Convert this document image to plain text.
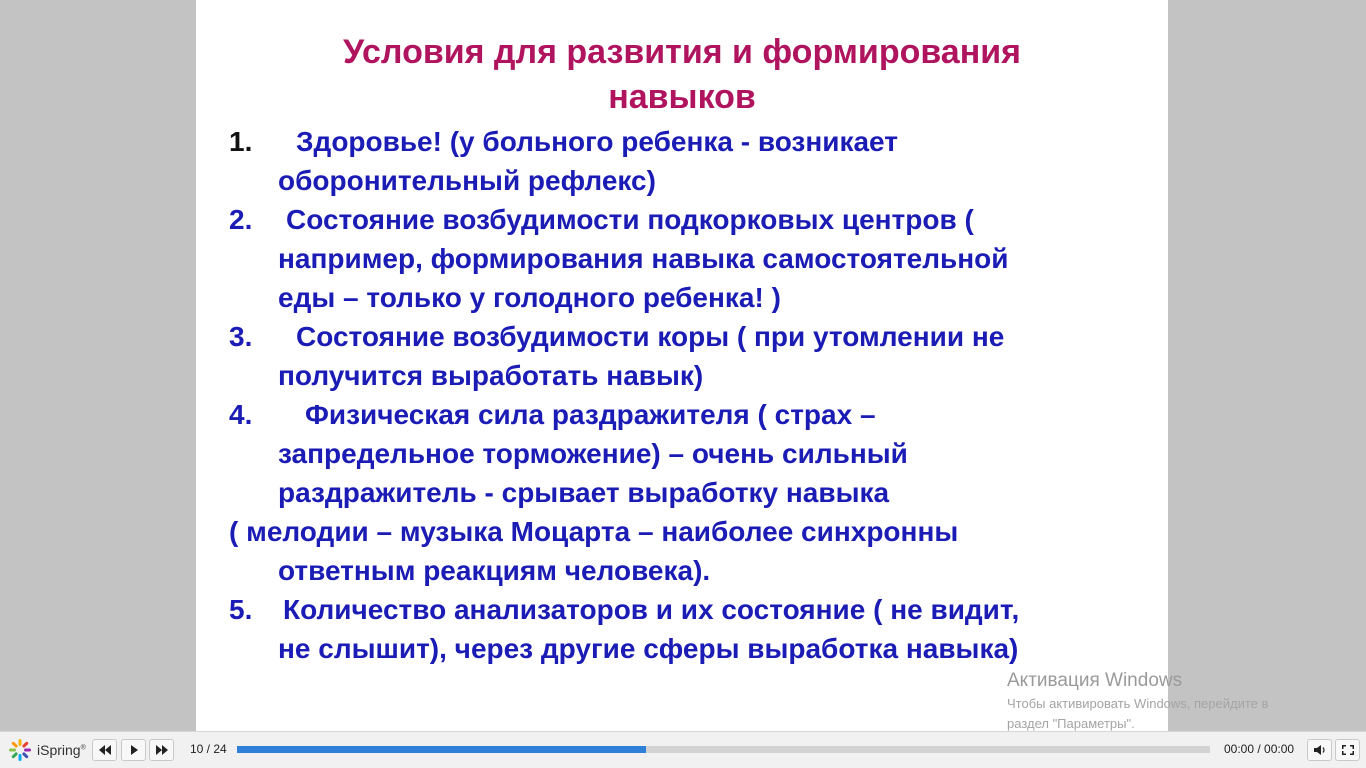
Условия для развития и формирования
навыков
1.	Здоровье! (у больного ребенка - возникает
оборонительный рефлекс)
2. Состояние возбудимости подкорковых центров (
например, формирования навыка самостоятельной
еды – только у голодного ребенка! )
3.	Состояние возбудимости коры ( при утомлении не
получится выработать навык)
4.	Физическая сила раздражителя ( страх –
запредельное торможение) – очень сильный
раздражитель - срывает выработку навыка
( мелодии – музыка Моцарта – наиболее синхронны
ответным реакциям человека).
5. Количество анализаторов и их состояние ( не видит,
не слышит), через другие сферы выработка навыка)
Активация Windows
Чтобы активировать Windows, перейдите в
раздел "Параметры".
iSpring®	10 / 24	00:00 / 00:00
